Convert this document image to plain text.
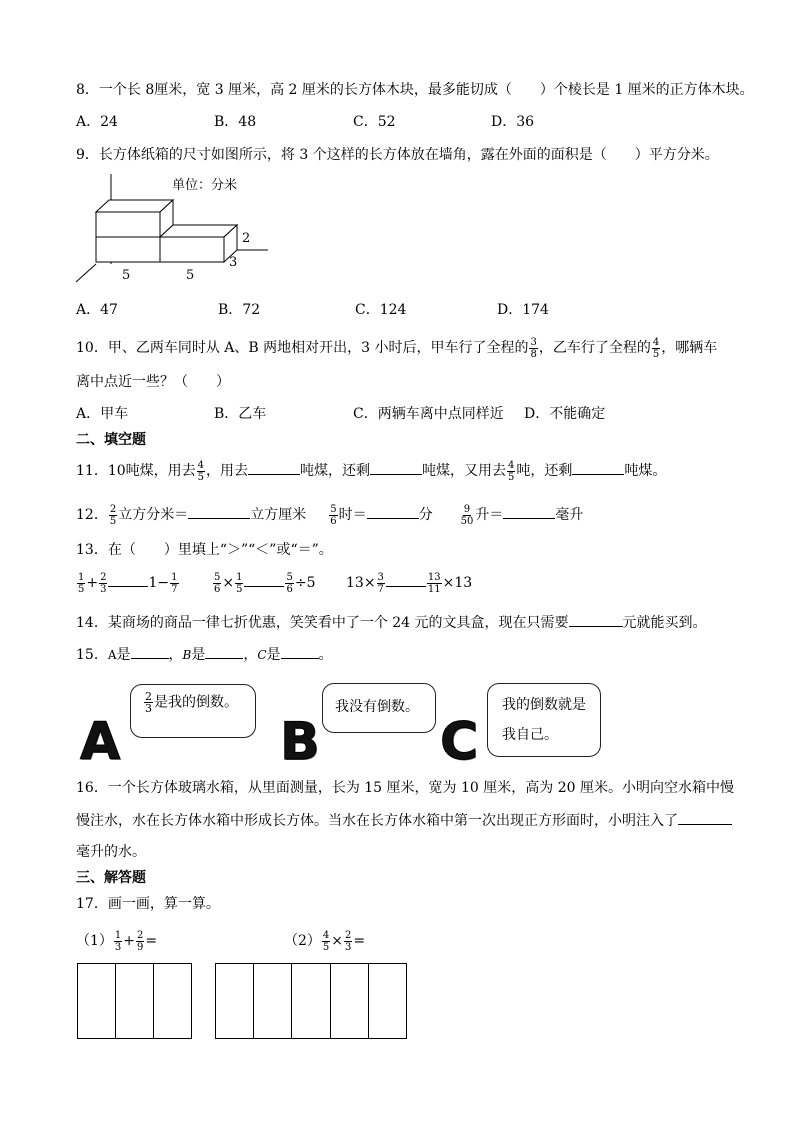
8．一个长 8厘米，宽 3 厘米，高 2 厘米的长方体木块，最多能切成（　　）个棱长是 1 厘米的正方体木块。
A．24	B．48	C．52	D．36
9．长方体纸箱的尺寸如图所示，将 3 个这样的长方体放在墙角，露在外面的面积是（　　）平方分米。
单位：分米
2
3
5	5
A．47	B．72	C．124	D．174
10．甲、乙两车同时从 A、B 两地相对开出，3 小时后，甲车行了全程的 $\frac{3}{8}$ ，乙车行了全程的 $\frac{4}{5}$ ，哪辆车
离中点近一些？（　　）
A．甲车	B．乙车	C．两辆车离中点同样近 D．不能确定
二、填空题
11．10吨煤，用去 $\frac{4}{5}$ ，用去	吨煤，还剩	吨煤，又用去 $\frac{4}{5}$ 吨，还剩	吨煤。
12． $\frac{2}{5}$ 立方分米＝	立方厘米 $\frac{5}{6}$ 时＝	分	$\frac{9}{50}$ 升＝	毫升
13．在（　　）里填上“＞”“＜”或“＝”。
$\frac{1}{5} + \frac{2}{3}$	$1- \frac{1}{7}$	$\frac{5}{6} \times \frac{1}{5}$	$\frac{5}{6} \div 5$ $13\times \frac{3}{7}$	$\frac{13}{11} \times 13$
14．某商场的商品一律七折优惠，笑笑看中了一个 24 元的文具盒，现在只需要	元就能买到。
15．A是	，B是	，C是	。
A
$\frac{2}{3}$ 是我的倒数。
B
我没有倒数。
C
我的倒数就是
我自己。
16．一个长方体玻璃水箱，从里面测量，长为 15 厘米，宽为 10 厘米，高为 20 厘米。小明向空水箱中慢
慢注水，水在长方体水箱中形成长方体。当水在长方体水箱中第一次出现正方形面时，小明注入了
毫升的水。
三、解答题
17．画一画，算一算。
$(1) \frac{1}{3} + \frac{2}{9}$ =	$(2) \frac{4}{5} \times \frac{2}{3}$ =
